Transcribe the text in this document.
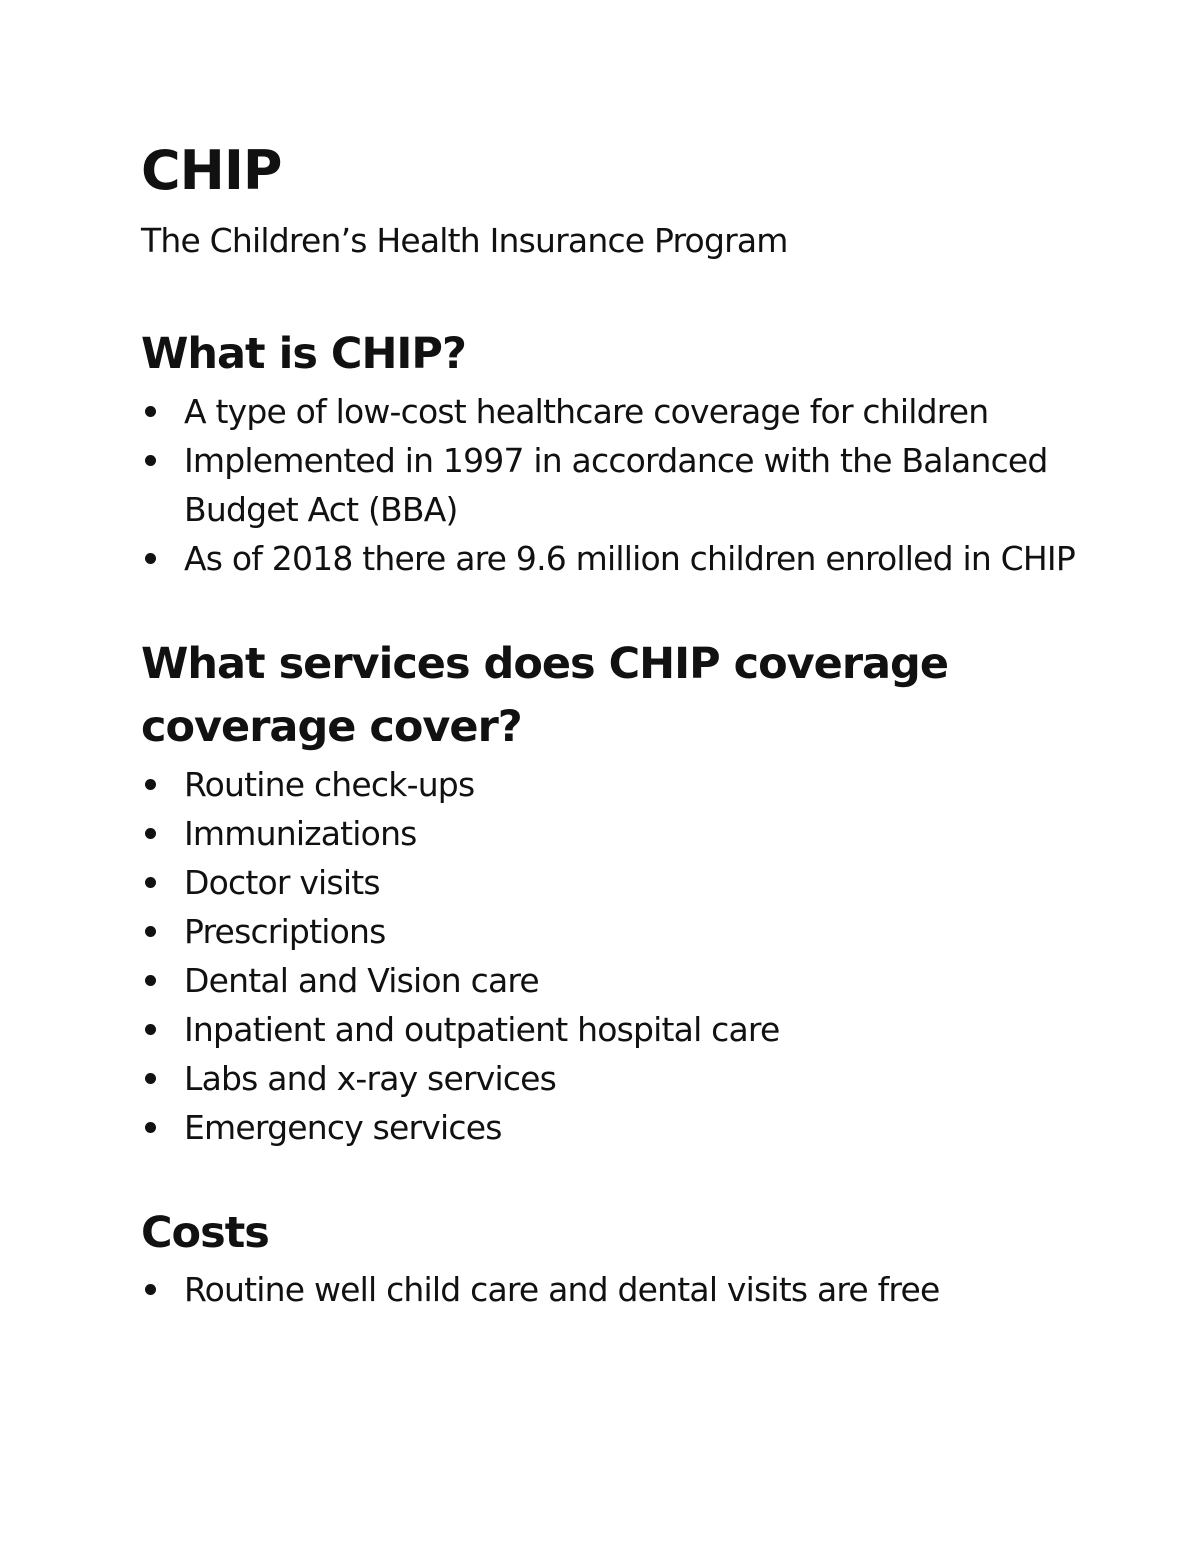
CHIP

The Children’s Health Insurance Program

What is CHIP?
A type of low-cost healthcare coverage for children
Implemented in 1997 in accordance with the Balanced Budget Act (BBA)
As of 2018 there are 9.6 million children enrolled in CHIP
What services does CHIP coverage coverage cover?
Routine check-ups
Immunizations
Doctor visits
Prescriptions
Dental and Vision care
Inpatient and outpatient hospital care
Labs and x-ray services
Emergency services
Costs
Routine well child care and dental visits are free
